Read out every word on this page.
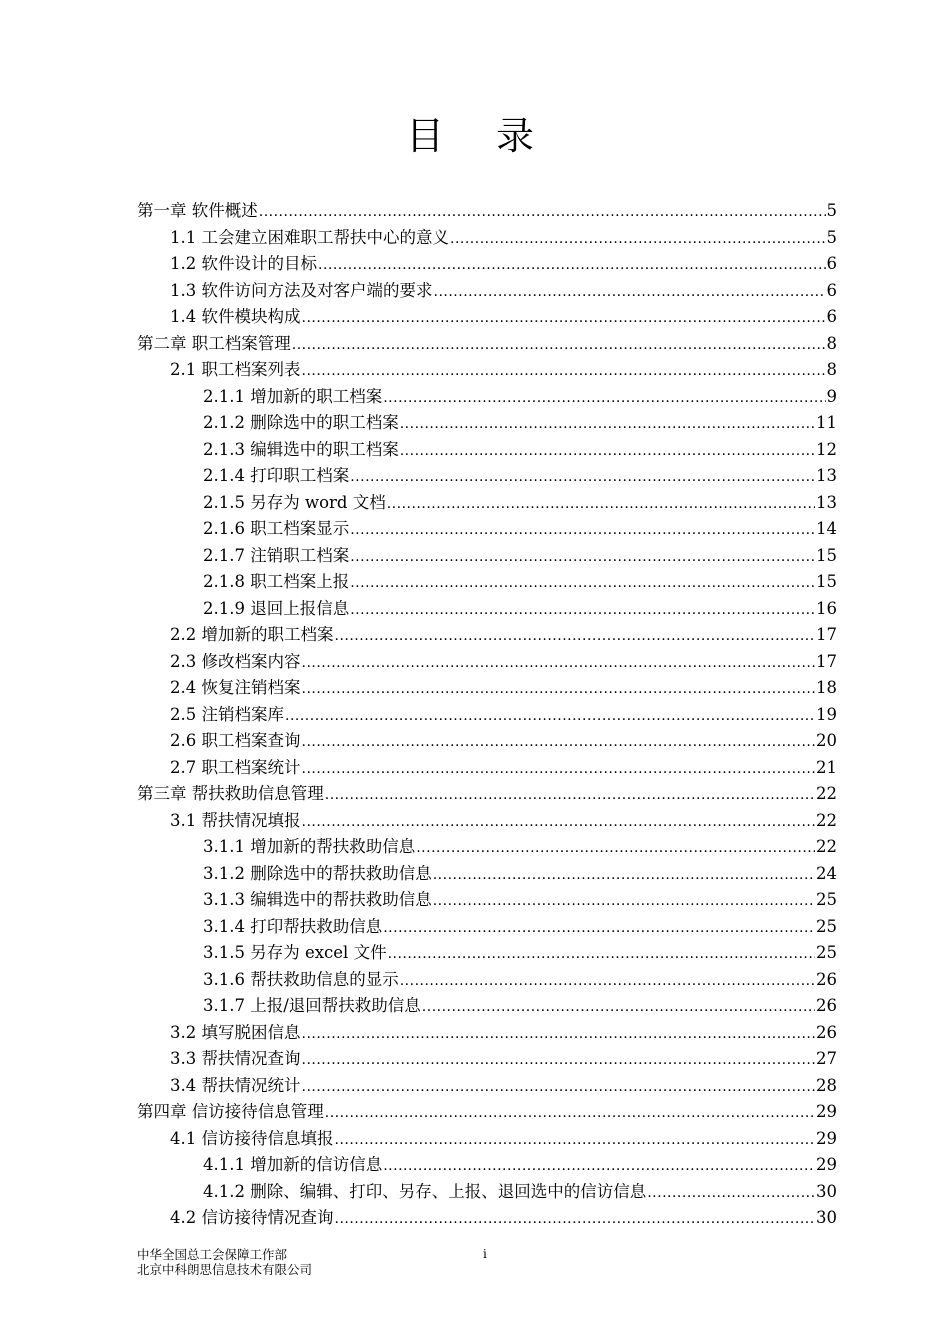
目 录
第一章 软件概述 .....	5
1.1 工会建立困难职工帮扶中心的意义 .....	5
1.2 软件设计的目标 .....	6
1.3 软件访问方法及对客户端的要求 .....	6
1.4 软件模块构成 .....	6
第二章 职工档案管理 .....	8
2.1 职工档案列表 .....	8
2.1.1 增加新的职工档案 .....	9
2.1.2 删除选中的职工档案 .....	11
2.1.3 编辑选中的职工档案 .....	12
2.1.4 打印职工档案 .....	13
2.1.5 另存为 word 文档 .....	13
2.1.6 职工档案显示 .....	14
2.1.7 注销职工档案 .....	15
2.1.8 职工档案上报 .....	15
2.1.9 退回上报信息 .....	16
2.2 增加新的职工档案 .....	17
2.3 修改档案内容 .....	17
2.4 恢复注销档案 .....	18
2.5 注销档案库 .....	19
2.6 职工档案查询 .....	20
2.7 职工档案统计 .....	21
第三章 帮扶救助信息管理 .....	22
3.1 帮扶情况填报 .....	22
3.1.1 增加新的帮扶救助信息 .....	22
3.1.2 删除选中的帮扶救助信息 .....	24
3.1.3 编辑选中的帮扶救助信息 .....	25
3.1.4 打印帮扶救助信息 .....	25
3.1.5 另存为 excel 文件 .....	25
3.1.6 帮扶救助信息的显示 .....	26
3.1.7 上报/退回帮扶救助信息 .....	26
3.2 填写脱困信息 .....	26
3.3 帮扶情况查询 .....	27
3.4 帮扶情况统计 .....	28
第四章 信访接待信息管理 .....	29
4.1 信访接待信息填报 .....	29
4.1.1 增加新的信访信息 .....	29
4.1.2 删除、编辑、打印、另存、上报、退回选中的信访信息 .....	30
4.2 信访接待情况查询 .....	30
中华全国总工会保障工作部
北京中科朗思信息技术有限公司
i
